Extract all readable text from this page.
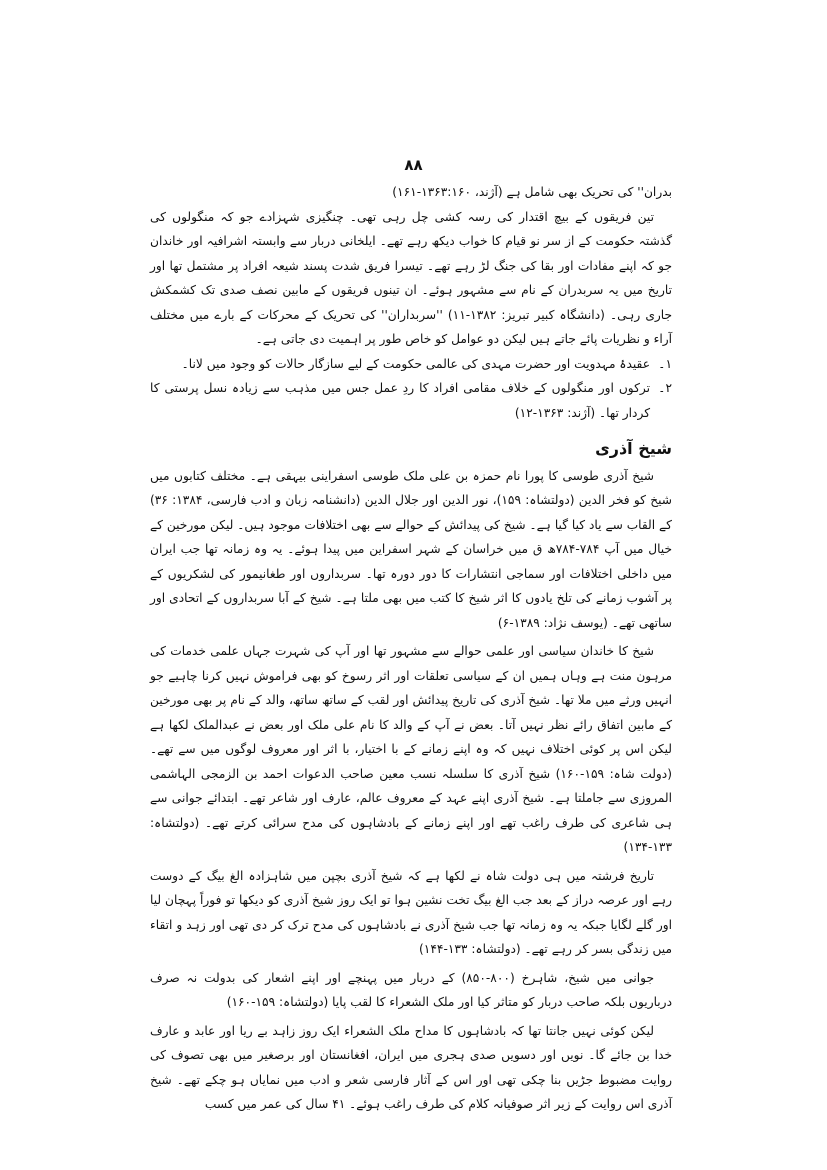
۸۸

بدران'' کی تحریک بھی شامل ہے (آژند، ۱۳۶۳:۱۶۰-۱۶۱)

تین فریقوں کے بیچ اقتدار کی رسہ کشی چل رہی تھی۔ چنگیزی شہزادے جو کہ منگولوں کی گذشتہ حکومت کے از سر نو قیام کا خواب دیکھ رہے تھے۔ ایلخانی دربار سے وابستہ اشرافیہ اور خاندان جو کہ اپنے مفادات اور بقا کی جنگ لڑ رہے تھے۔ تیسرا فریق شدت پسند شیعہ افراد پر مشتمل تھا اور تاریخ میں یہ سربدران کے نام سے مشہور ہوئے۔ ان تینوں فریقوں کے مابین نصف صدی تک کشمکش جاری رہی۔ (دانشگاہ کبیر تبریز: ۱۳۸۲-۱۱) ''سربداران'' کی تحریک کے محرکات کے بارے میں مختلف آراء و نظریات پائے جاتے ہیں لیکن دو عوامل کو خاص طور پر اہمیت دی جاتی ہے۔

۱۔
عقیدۂ مہدویت اور حضرت مہدی کی عالمی حکومت کے لیے سازگار حالات کو وجود میں لانا۔
۲۔
ترکوں اور منگولوں کے خلاف مقامی افراد کا ردِ عمل جس میں مذہب سے زیادہ نسل پرستی کا کردار تھا۔ (آژند: ۱۳۶۳-۱۲)
شیخ آذری

شیخ آذری طوسی کا پورا نام حمزہ بن علی ملک طوسی اسفراینی بیہقی ہے۔ مختلف کتابوں میں شیخ کو فخر الدین (دولتشاہ: ۱۵۹)، نور الدین اور جلال الدین (دانشنامہ زبان و ادب فارسی، ۱۳۸۴: ۳۶) کے القاب سے یاد کیا گیا ہے۔ شیخ کی پیدائش کے حوالے سے بھی اختلافات موجود ہیں۔ لیکن مورخین کے خیال میں آپ ۷۸۴-۷۸۴ھ ق میں خراسان کے شہر اسفراین میں پیدا ہوئے۔ یہ وہ زمانہ تھا جب ایران میں داخلی اختلافات اور سماجی انتشارات کا دور دورہ تھا۔ سربداروں اور طغانیمور کی لشکریوں کے پر آشوب زمانے کی تلخ یادوں کا اثر شیخ کا کتب میں بھی ملتا ہے۔ شیخ کے آبا سربداروں کے اتحادی اور ساتھی تھے۔ (یوسف نژاد: ۱۳۸۹-۶)

شیخ کا خاندان سیاسی اور علمی حوالے سے مشہور تھا اور آپ کی شہرت جہاں علمی خدمات کی مرہون منت ہے وہاں ہمیں ان کے سیاسی تعلقات اور اثر رسوخ کو بھی فراموش نہیں کرنا چاہیے جو انہیں ورثے میں ملا تھا۔ شیخ آذری کی تاریخ پیدائش اور لقب کے ساتھ ساتھ، والد کے نام پر بھی مورخین کے مابین اتفاق رائے نظر نہیں آتا۔ بعض نے آپ کے والد کا نام علی ملک اور بعض نے عبدالملک لکھا ہے لیکن اس پر کوئی اختلاف نہیں کہ وہ اپنے زمانے کے با اختیار، با اثر اور معروف لوگوں میں سے تھے۔ (دولت شاہ: ۱۵۹-۱۶۰) شیخ آذری کا سلسلہ نسب معین صاحب الدعوات احمد بن الزمجی الہاشمی المروزی سے جاملتا ہے۔ شیخ آذری اپنے عہد کے معروف عالم، عارف اور شاعر تھے۔ ابتدائے جوانی سے ہی شاعری کی طرف راغب تھے اور اپنے زمانے کے بادشاہوں کی مدح سرائی کرتے تھے۔ (دولتشاہ: ۱۳۳-۱۳۴)

تاریخ فرشتہ میں ہی دولت شاہ نے لکھا ہے کہ شیخ آذری بچپن میں شاہزادہ الغ بیگ کے دوست رہے اور عرصہ دراز کے بعد جب الغ بیگ تخت نشین ہوا تو ایک روز شیخ آذری کو دیکھا تو فوراً پہچان لیا اور گلے لگایا جبکہ یہ وہ زمانہ تھا جب شیخ آذری نے بادشاہوں کی مدح ترک کر دی تھی اور زہد و اتقاء میں زندگی بسر کر رہے تھے۔ (دولتشاہ: ۱۳۳-۱۴۴)

جوانی میں شیخ، شاہرخ (۸۰۰-۸۵۰) کے دربار میں پہنچے اور اپنے اشعار کی بدولت نہ صرف درباریوں بلکہ صاحب دربار کو متاثر کیا اور ملک الشعراء کا لقب پایا (دولتشاہ: ۱۵۹-۱۶۰)

لیکن کوئی نہیں جانتا تھا کہ بادشاہوں کا مداح ملک الشعراء ایک روز زاہد بے ریا اور عابد و عارف خدا بن جائے گا۔ نویں اور دسویں صدی ہجری میں ایران، افغانستان اور برصغیر میں بھی تصوف کی روایت مضبوط جڑیں بنا چکی تھی اور اس کے آثار فارسی شعر و ادب میں نمایاں ہو چکے تھے۔ شیخ آذری اس روایت کے زیر اثر صوفیانہ کلام کی طرف راغب ہوئے۔ ۴۱ سال کی عمر میں کسب
